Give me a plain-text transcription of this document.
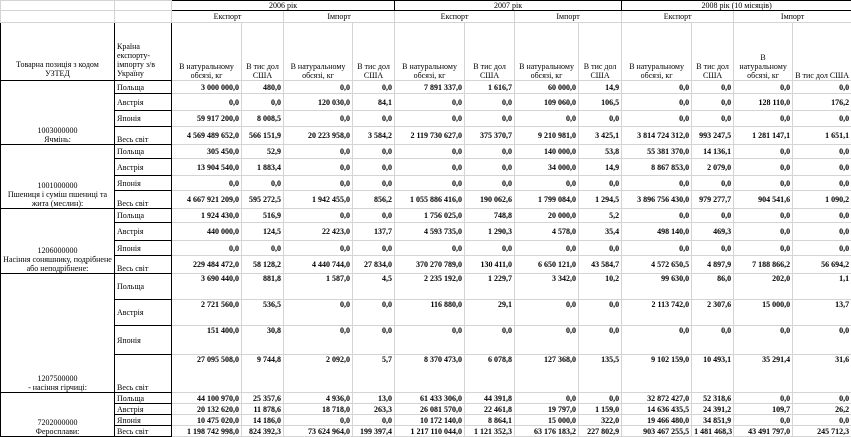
		2006 рік				2007 рік				2008 рік (10 місяців)			
		Експорт		Імпорт		Експорт		Імпорт		Експорт		Імпорт	
Товарна позиція з кодом УЗТЕД	Країна експорту-імпорту з/в Україну	В натуральному обсязі, кг	В тис дол США	В натуральному обсязі, кг	В тис дол США	В натуральному обсязі, кг	В тис дол США	В натуральному обсязі, кг	В тис дол США	В натуральному обсязі, кг	В тис дол США	В натуральному обсязі, кг	В тис дол США

1003000000
Ячмінь:	Польща	3 000 000,0	480,0	0,0	0,0	7 891 337,0	1 616,7	60 000,0	14,9	0,0	0,0	0,0	0,0
	Австрія	0,0	0,0	120 030,0	84,1	0,0	0,0	109 060,0	106,5	0,0	0,0	128 110,0	176,2
	Японія	59 917 200,0	8 008,5	0,0	0,0	0,0	0,0	0,0	0,0	0,0	0,0	0,0	0,0
	Весь світ	4 569 489 652,0	566 151,9	20 223 958,0	3 584,2	2 119 730 627,0	375 370,7	9 210 981,0	3 425,1	3 814 724 312,0	993 247,5	1 281 147,1	1 651,1

1001000000
Пшениця і суміш пшениці та жита (меслин):	Польща	305 450,0	52,9	0,0	0,0	0,0	0,0	140 000,0	53,8	55 381 370,0	14 136,1	0,0	0,0
	Австрія	13 904 540,0	1 883,4	0,0	0,0	0,0	0,0	34 000,0	14,9	8 867 853,0	2 079,0	0,0	0,0
	Японія	0,0	0,0	0,0	0,0	0,0	0,0	0,0	0,0	0,0	0,0	0,0	0,0
	Весь світ	4 667 921 209,0	595 272,5	1 942 455,0	856,2	1 055 886 416,0	190 062,6	1 799 084,0	1 294,5	3 896 756 430,0	979 277,7	904 541,6	1 090,2

1206000000
Насіння соняшнику, подрібнене або неподрібнене:	Польща	1 924 430,0	516,9	0,0	0,0	1 756 025,0	748,8	20 000,0	5,2	0,0	0,0	0,0	0,0
	Австрія	440 000,0	124,5	22 423,0	137,7	4 593 735,0	1 290,3	4 578,0	35,4	498 140,0	469,3	0,0	0,0
	Японія	0,0	0,0	0,0	0,0	0,0	0,0	0,0	0,0	0,0	0,0	0,0	0,0
	Весь світ	229 484 472,0	58 128,2	4 440 744,0	27 834,0	370 270 789,0	130 411,0	6 650 121,0	43 584,7	4 572 650,5	4 897,9	7 188 866,2	56 694,2

1207500000
- насіння гірчиці:	Польща	3 690 440,0	881,8	1 587,0	4,5	2 235 192,0	1 229,7	3 342,0	10,2	99 630,0	86,0	202,0	1,1
	Австрія	2 721 560,0	536,5	0,0	0,0	116 880,0	29,1	0,0	0,0	2 113 742,0	2 307,6	15 000,0	13,7
	Японія	151 400,0	30,8	0,0	0,0	0,0	0,0	0,0	0,0	0,0	0,0	0,0	0,0
	Весь світ	27 095 508,0	9 744,8	2 092,0	5,7	8 370 473,0	6 078,8	127 368,0	135,5	9 102 159,0	10 493,1	35 291,4	31,6

7202000000
Феросплави:	Польща	44 100 970,0	25 357,6	4 936,0	13,0	61 433 306,0	44 391,8	0,0	0,0	32 872 427,0	52 318,6	0,0	0,0
	Австрія	20 132 620,0	11 878,6	18 718,0	263,3	26 081 570,0	22 461,8	19 797,0	1 159,0	14 636 435,5	24 391,2	109,7	26,2
	Японія	10 475 020,0	14 186,0	0,0	0,0	10 172 140,0	8 864,1	15 000,0	322,0	19 466 480,0	34 851,9	0,0	0,0
	Весь світ	1 198 742 998,0	824 392,3	73 624 964,0	199 397,4	1 217 110 044,0	1 121 352,3	63 176 183,2	227 802,9	903 467 255,5	1 481 468,3	43 491 797,0	245 712,3
